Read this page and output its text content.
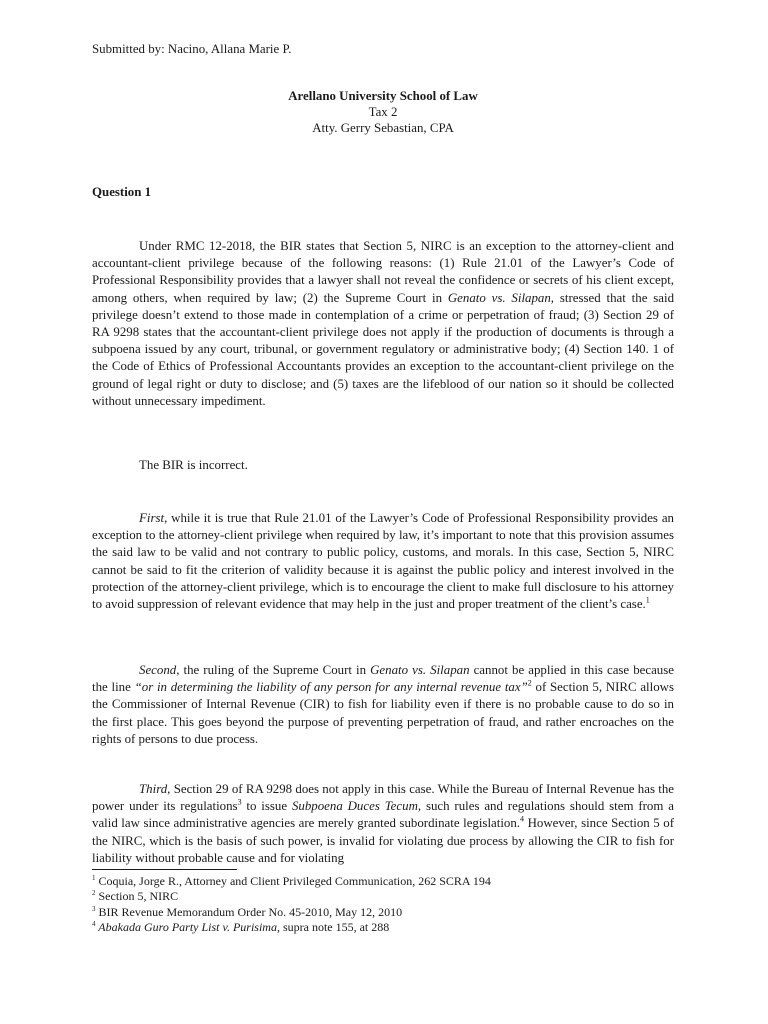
Submitted by: Nacino, Allana Marie P.
Arellano University School of Law
Tax 2
Atty. Gerry Sebastian, CPA
Question 1

Under RMC 12-2018, the BIR states that Section 5, NIRC is an exception to the attorney-client and accountant-client privilege because of the following reasons: (1) Rule 21.01 of the Lawyer’s Code of Professional Responsibility provides that a lawyer shall not reveal the confidence or secrets of his client except, among others, when required by law; (2) the Supreme Court in Genato vs. Silapan, stressed that the said privilege doesn’t extend to those made in contemplation of a crime or perpetration of fraud; (3) Section 29 of RA 9298 states that the accountant-client privilege does not apply if the production of documents is through a subpoena issued by any court, tribunal, or government regulatory or administrative body; (4) Section 140. 1 of the Code of Ethics of Professional Accountants provides an exception to the accountant-client privilege on the ground of legal right or duty to disclose; and (5) taxes are the lifeblood of our nation so it should be collected without unnecessary impediment.

The BIR is incorrect.

First, while it is true that Rule 21.01 of the Lawyer’s Code of Professional Responsibility provides an exception to the attorney-client privilege when required by law, it’s important to note that this provision assumes the said law to be valid and not contrary to public policy, customs, and morals. In this case, Section 5, NIRC cannot be said to fit the criterion of validity because it is against the public policy and interest involved in the protection of the attorney-client privilege, which is to encourage the client to make full disclosure to his attorney to avoid suppression of relevant evidence that may help in the just and proper treatment of the client’s case.$^1$

Second, the ruling of the Supreme Court in Genato vs. Silapan cannot be applied in this case because the line “or in determining the liability of any person for any internal revenue tax”$^2$ of Section 5, NIRC allows the Commissioner of Internal Revenue (CIR) to fish for liability even if there is no probable cause to do so in the first place. This goes beyond the purpose of preventing perpetration of fraud, and rather encroaches on the rights of persons to due process.

Third, Section 29 of RA 9298 does not apply in this case. While the Bureau of Internal Revenue has the power under its regulations$^3$ to issue Subpoena Duces Tecum, such rules and regulations should stem from a valid law since administrative agencies are merely granted subordinate legislation.$^4$ However, since Section 5 of the NIRC, which is the basis of such power, is invalid for violating due process by allowing the CIR to fish for liability without probable cause and for violating

$^1$ Coquia, Jorge R., Attorney and Client Privileged Communication, 262 SCRA 194
$^2$ Section 5, NIRC
$^3$ BIR Revenue Memorandum Order No. 45-2010, May 12, 2010
$^4$ Abakada Guro Party List v. Purisima, supra note 155, at 288
